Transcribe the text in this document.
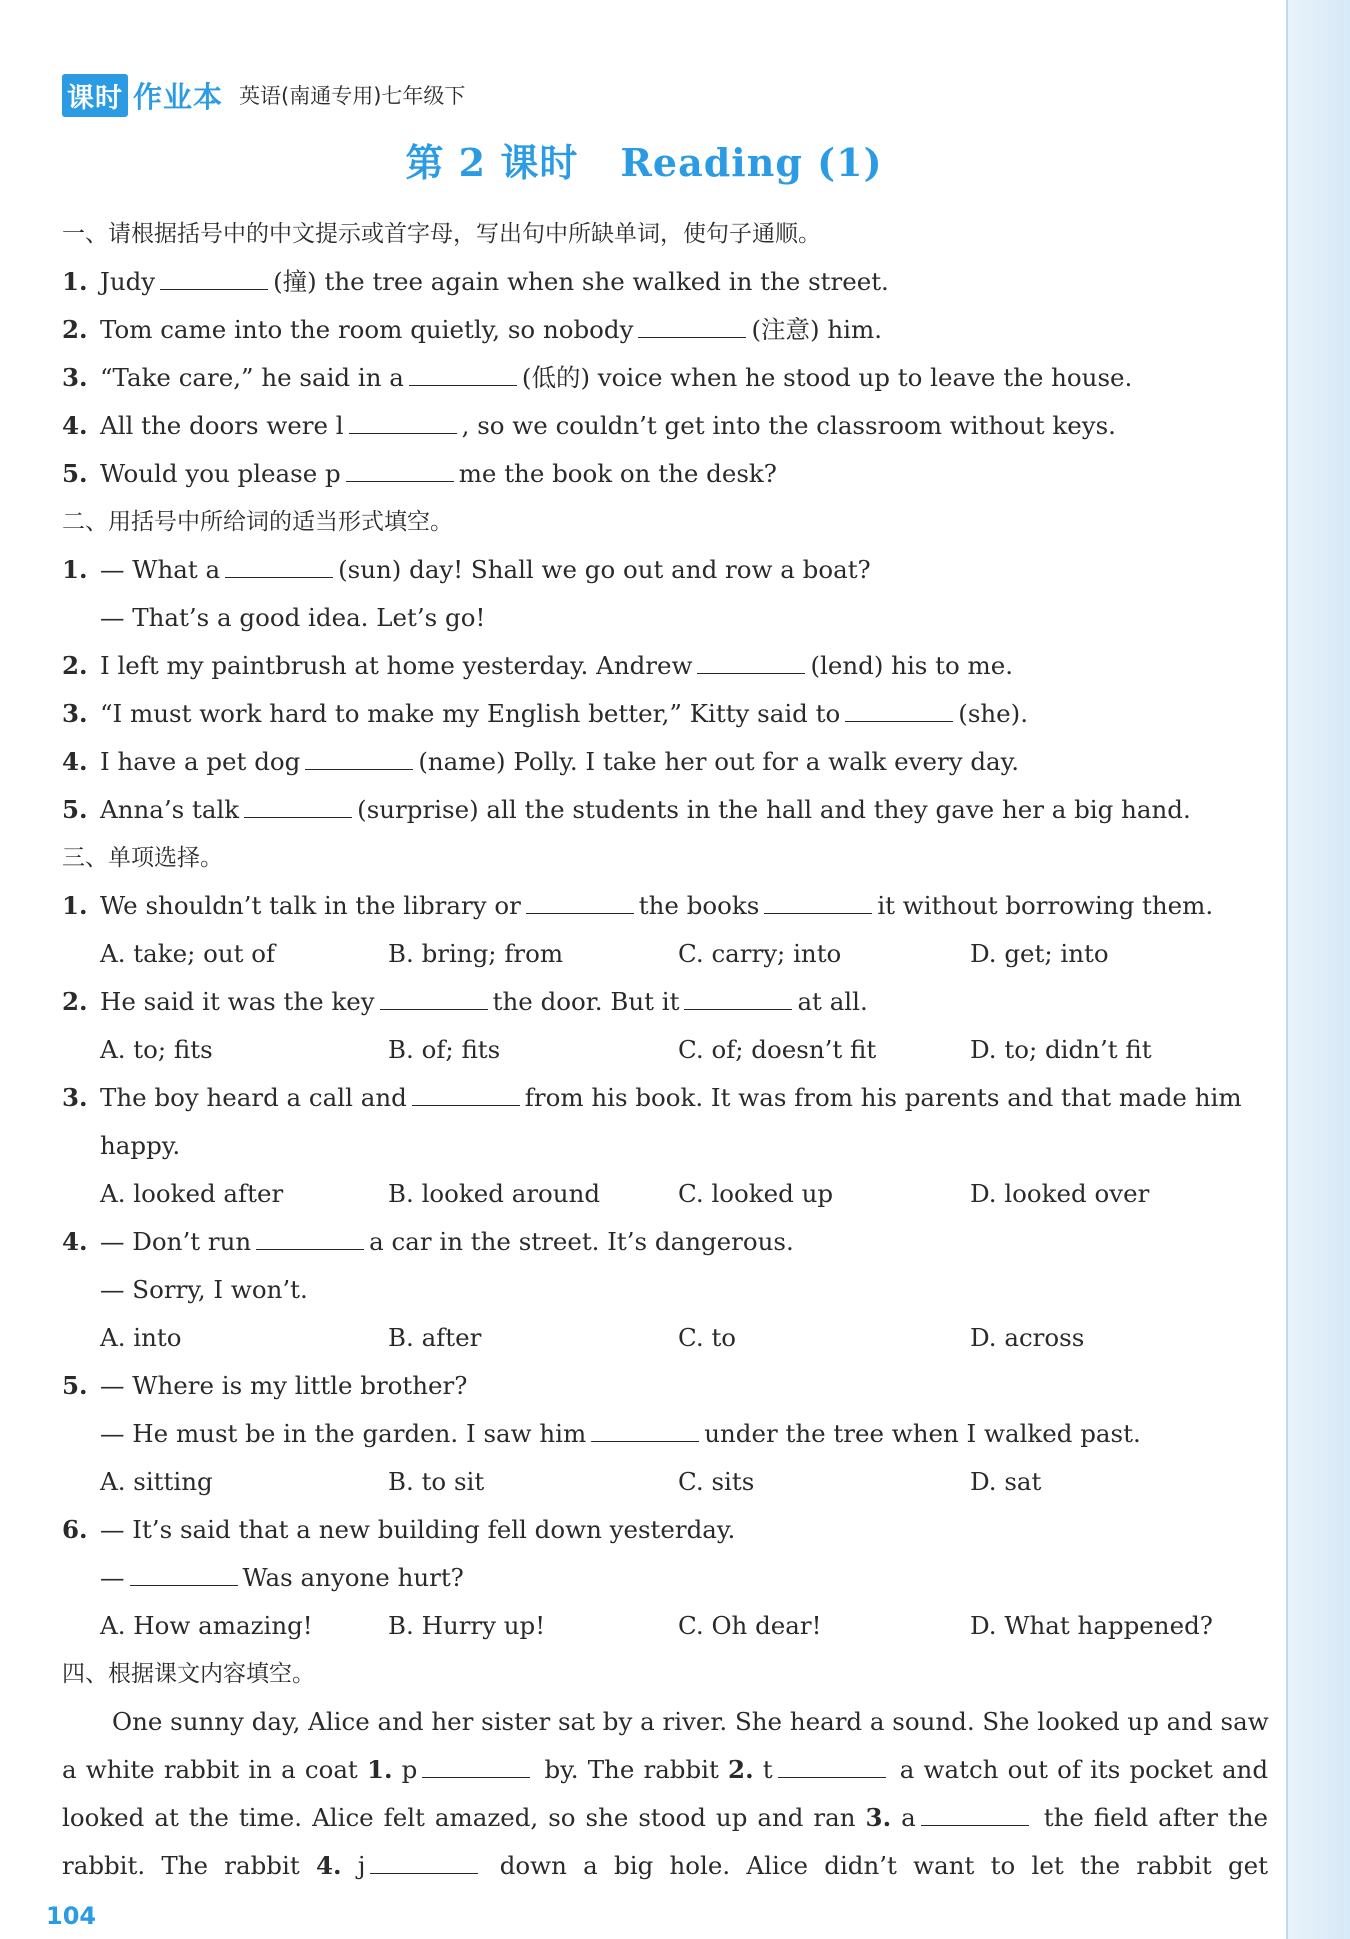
课时 作业本 英语(南通专用)七年级下
第 2 课时 Reading (1)
一、请根据括号中的中文提示或首字母，写出句中所缺单词，使句子通顺。
1. Judy	(撞) the tree again when she walked in the street.
2. Tom came into the room quietly, so nobody	(注意) him.
3. “Take care,” he said in a	(低的) voice when he stood up to leave the house.
4. All the doors were l	, so we couldn’t get into the classroom without keys.
5. Would you please p	me the book on the desk?
二、用括号中所给词的适当形式填空。
1. — What a	(sun) day! Shall we go out and row a boat?
— That’s a good idea. Let’s go!
2. I left my paintbrush at home yesterday. Andrew	(lend) his to me.
3. “I must work hard to make my English better,” Kitty said to	(she).
4. I have a pet dog	(name) Polly. I take her out for a walk every day.
5. Anna’s talk	(surprise) all the students in the hall and they gave her a big hand.
三、单项选择。
1. We shouldn’t talk in the library or	the books	it without borrowing them.
A. take; out of	B. bring; from	C. carry; into	D. get; into
2. He said it was the key	the door. But it	at all.
A. to; fits	B. of; fits	C. of; doesn’t fit	D. to; didn’t fit
3. The boy heard a call and	from his book. It was from his parents and that made him
happy.
A. looked after	B. looked around	C. looked up	D. looked over
4. — Don’t run	a car in the street. It’s dangerous.
— Sorry, I won’t.
A. into	B. after	C. to	D. across
5. — Where is my little brother?
— He must be in the garden. I saw him	under the tree when I walked past.
A. sitting	B. to sit	C. sits	D. sat
6. — It’s said that a new building fell down yesterday.
—	Was anyone hurt?
A. How amazing!	B. Hurry up!	C. Oh dear!	D. What happened?
四、根据课文内容填空。
One sunny day, Alice and her sister sat by a river. She heard a sound. She looked up and saw
a white rabbit in a coat 1. p	by. The rabbit 2. t	a watch out of its pocket and
looked at the time. Alice felt amazed, so she stood up and ran 3. a	the field after the
rabbit. The rabbit 4. j	down a big hole. Alice didn’t want to let the rabbit get
104
